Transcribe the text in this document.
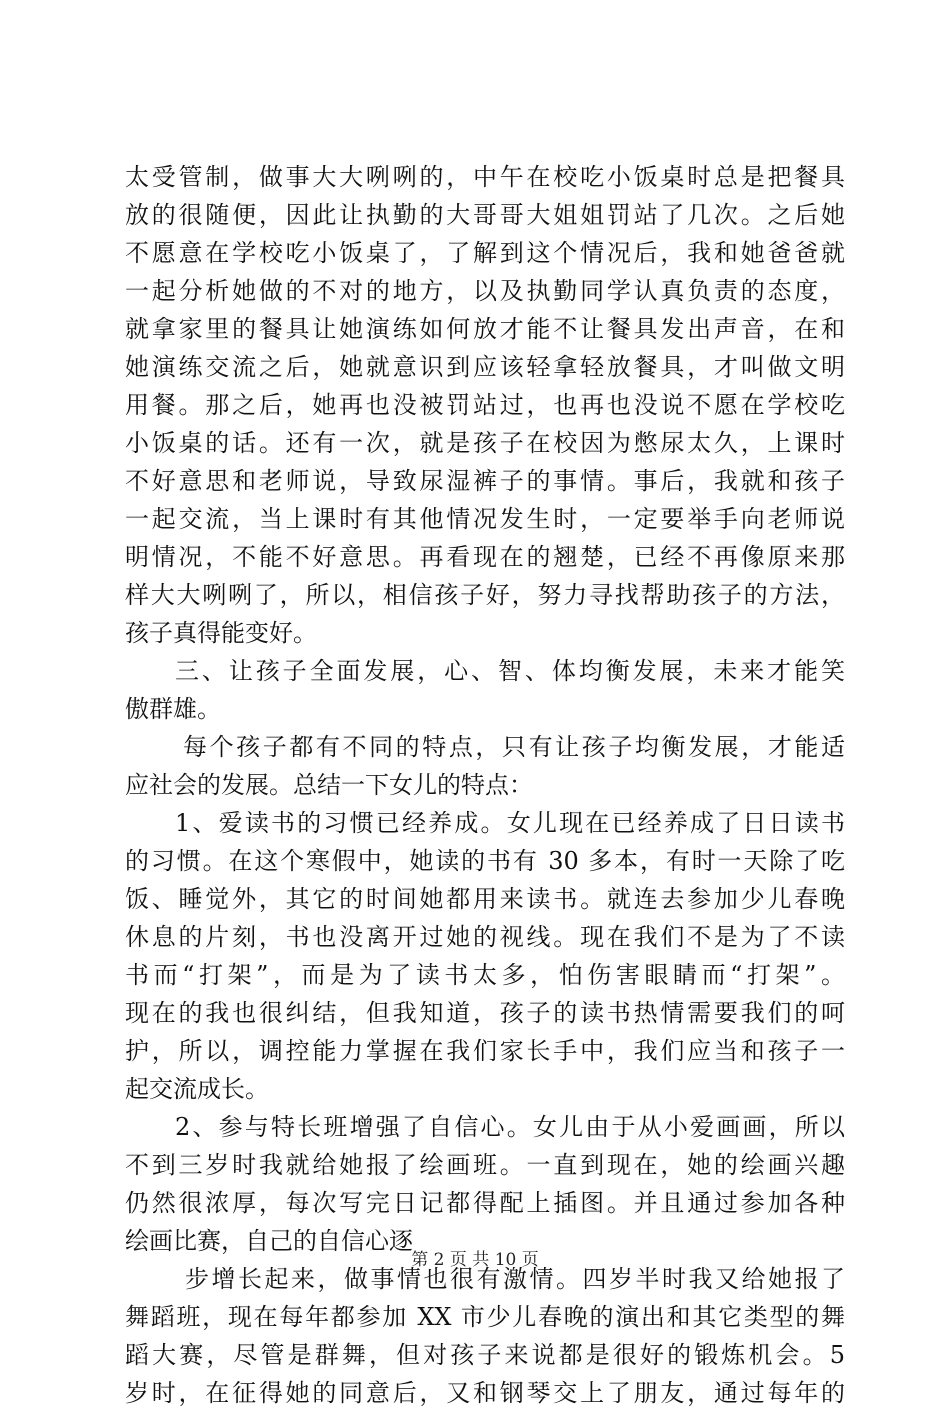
太受管制，做事大大咧咧的，中午在校吃小饭桌时总是把餐具
放的很随便，因此让执勤的大哥哥大姐姐罚站了几次。之后她
不愿意在学校吃小饭桌了，了解到这个情况后，我和她爸爸就
一起分析她做的不对的地方，以及执勤同学认真负责的态度，
就拿家里的餐具让她演练如何放才能不让餐具发出声音，在和
她演练交流之后，她就意识到应该轻拿轻放餐具，才叫做文明
用餐。那之后，她再也没被罚站过，也再也没说不愿在学校吃
小饭桌的话。还有一次，就是孩子在校因为憋尿太久，上课时
不好意思和老师说，导致尿湿裤子的事情。事后，我就和孩子
一起交流，当上课时有其他情况发生时，一定要举手向老师说
明情况，不能不好意思。再看现在的翘楚，已经不再像原来那
样大大咧咧了，所以，相信孩子好，努力寻找帮助孩子的方法，
孩子真得能变好。
三、让孩子全面发展，心、智、体均衡发展，未来才能笑
傲群雄。
每个孩子都有不同的特点，只有让孩子均衡发展，才能适
应社会的发展。总结一下女儿的特点：
1、爱读书的习惯已经养成。女儿现在已经养成了日日读书
的习惯。在这个寒假中，她读的书有 30 多本，有时一天除了吃
饭、睡觉外，其它的时间她都用来读书。就连去参加少儿春晚
休息的片刻，书也没离开过她的视线。现在我们不是为了不读
书而“打架”，而是为了读书太多，怕伤害眼睛而“打架”。
现在的我也很纠结，但我知道，孩子的读书热情需要我们的呵
护，所以，调控能力掌握在我们家长手中，我们应当和孩子一
起交流成长。
2、参与特长班增强了自信心。女儿由于从小爱画画，所以
不到三岁时我就给她报了绘画班。一直到现在，她的绘画兴趣
仍然很浓厚，每次写完日记都得配上插图。并且通过参加各种
绘画比赛，自己的自信心逐
步增长起来，做事情也很有激情。四岁半时我又给她报了
舞蹈班，现在每年都参加 XX 市少儿春晚的演出和其它类型的舞
蹈大赛，尽管是群舞，但对孩子来说都是很好的锻炼机会。5
岁时，在征得她的同意后，又和钢琴交上了朋友，通过每年的
第 2 页 共 10 页
